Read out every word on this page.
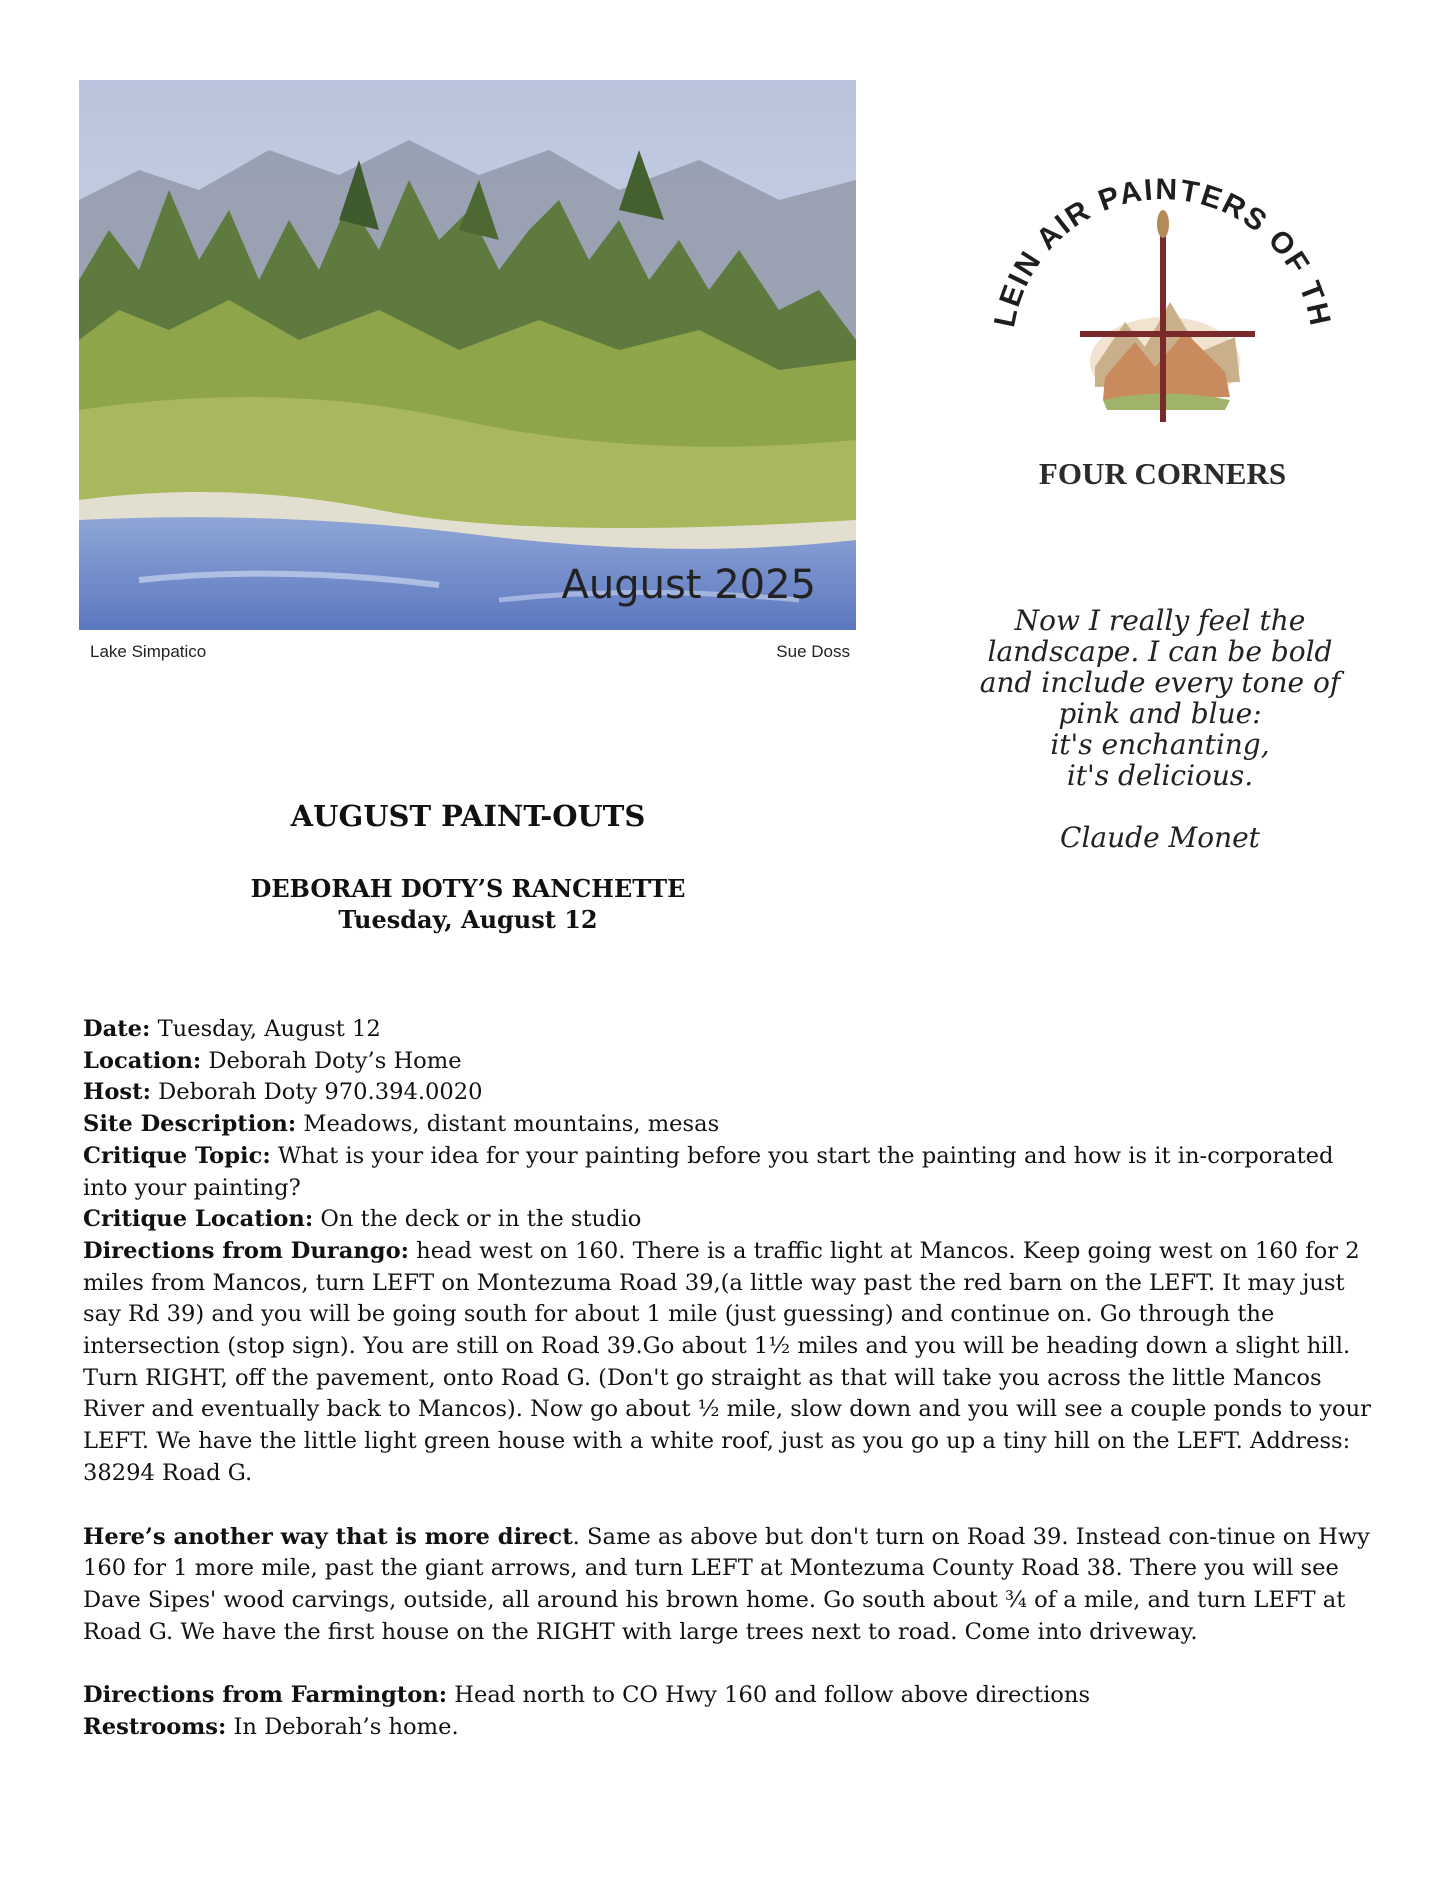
August 2025
Lake Simpatico	Sue Doss
LEIN AIR PAINTERS OF TH
FOUR CORNERS
Now I really feel the
landscape. I can be bold
and include every tone of
pink and blue:
it's enchanting,
it's delicious.
Claude Monet
AUGUST PAINT-OUTS
DEBORAH DOTY’S RANCHETTE
Tuesday, August 12

Date: Tuesday, August 12

Location: Deborah Doty’s Home

Host: Deborah Doty 970.394.0020

Site Description: Meadows, distant mountains, mesas

Critique Topic: What is your idea for your painting before you start the painting and how is it in-corporated into your painting?

Critique Location: On the deck or in the studio

Directions from Durango: head west on 160. There is a traffic light at Mancos. Keep going west on 160 for 2 miles from Mancos, turn LEFT on Montezuma Road 39,(a little way past the red barn on the LEFT. It may just say Rd 39) and you will be going south for about 1 mile (just guessing) and continue on. Go through the intersection (stop sign). You are still on Road 39.Go about 1½ miles and you will be heading down a slight hill. Turn RIGHT, off the pavement, onto Road G. (Don't go straight as that will take you across the little Mancos River and eventually back to Mancos). Now go about ½ mile, slow down and you will see a couple ponds to your LEFT. We have the little light green house with a white roof, just as you go up a tiny hill on the LEFT. Address: 38294 Road G.

Here’s another way that is more direct. Same as above but don't turn on Road 39. Instead con-tinue on Hwy 160 for 1 more mile, past the giant arrows, and turn LEFT at Montezuma County Road 38. There you will see Dave Sipes' wood carvings, outside, all around his brown home. Go south about ¾ of a mile, and turn LEFT at Road G. We have the first house on the RIGHT with large trees next to road. Come into driveway.

Directions from Farmington: Head north to CO Hwy 160 and follow above directions

Restrooms: In Deborah’s home.
